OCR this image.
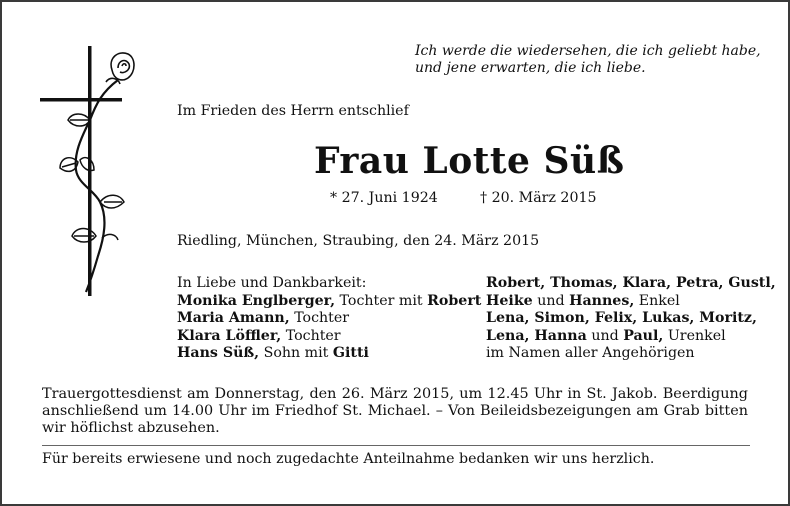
Ich werde die wiedersehen, die ich geliebt habe,
und jene erwarten, die ich liebe.
Im Frieden des Herrn entschlief
Frau Lotte Süß
* 27. Juni 1924	† 20. März 2015
Riedling, München, Straubing, den 24. März 2015
In Liebe und Dankbarkeit:
Monika Englberger, Tochter mit Robert
Maria Amann, Tochter
Klara Löffler, Tochter
Hans Süß, Sohn mit Gitti
Robert, Thomas, Klara, Petra, Gustl,
Heike und Hannes, Enkel
Lena, Simon, Felix, Lukas, Moritz,
Lena, Hanna und Paul, Urenkel
im Namen aller Angehörigen
Trauergottesdienst am Donnerstag, den 26. März 2015, um 12.45 Uhr in St. Jakob. Beerdigung anschließend um 14.00 Uhr im Friedhof St. Michael. – Von Beileidsbezeigungen am Grab bitten wir höflichst abzusehen.
Für bereits erwiesene und noch zugedachte Anteilnahme bedanken wir uns herzlich.
